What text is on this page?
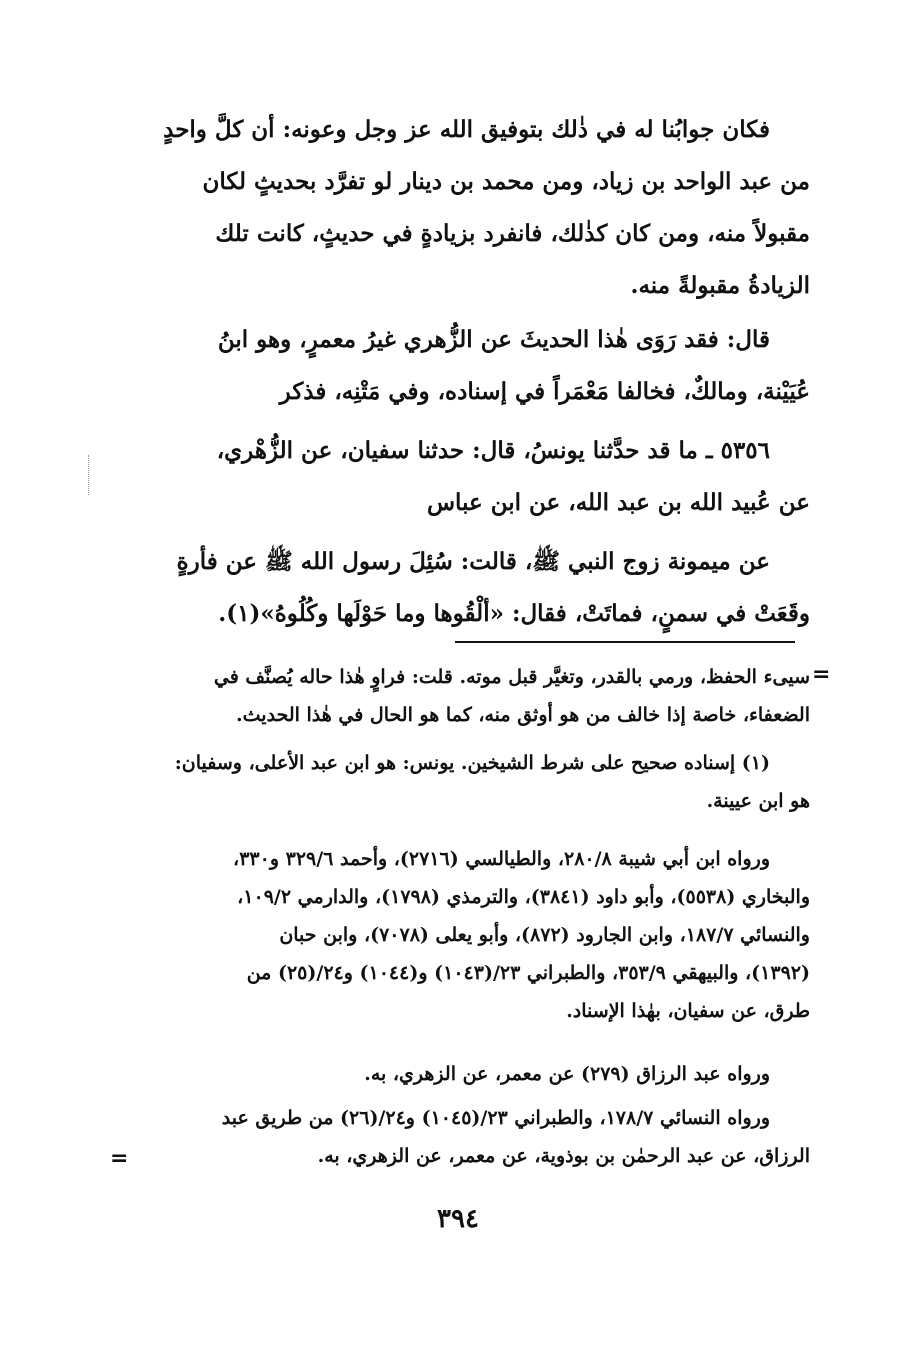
فكان جوابُنا له في ذٰلك بتوفيق الله عز وجل وعونه: أن كلَّ واحدٍ
من عبد الواحد بن زياد، ومن محمد بن دينار لو تفرَّد بحديثٍ لكان
مقبولاً منه، ومن كان كذٰلك، فانفرد بزيادةٍ في حديثٍ، كانت تلك
الزيادةُ مقبولةً منه.
قال: فقد رَوَى هٰذا الحديثَ عن الزُّهري غيرُ معمرٍ، وهو ابنُ
عُيَيْنة، ومالكٌ، فخالفا مَعْمَراً في إسناده، وفي مَتْنِه، فذكر
٥٣٥٦ ـ ما قد حدَّثنا يونسُ، قال: حدثنا سفيان، عن الزُّهْري،
عن عُبيد الله بن عبد الله، عن ابن عباس
عن ميمونة زوج النبي ﷺ، قالت: سُئِلَ رسول الله ﷺ عن فأرةٍ
وقَعَتْ في سمنٍ، فماتَتْ، فقال: «ألْقُوها وما حَوْلَها وكُلُوهُ»(١).
=
سيىء الحفظ، ورمي بالقدر، وتغيَّر قبل موته. قلت: فراوٍ هٰذا حاله يُصنَّف في
الضعفاء، خاصة إذا خالف من هو أوثق منه، كما هو الحال في هٰذا الحديث.
(١) إسناده صحيح على شرط الشيخين. يونس: هو ابن عبد الأعلى، وسفيان:
هو ابن عيينة.
ورواه ابن أبي شيبة ٢٨٠/٨، والطيالسي (٢٧١٦)، وأحمد ٣٢٩/٦ و٣٣٠،
والبخاري (٥٥٣٨)، وأبو داود (٣٨٤١)، والترمذي (١٧٩٨)، والدارمي ١٠٩/٢،
والنسائي ١٨٧/٧، وابن الجارود (٨٧٢)، وأبو يعلى (٧٠٧٨)، وابن حبان
(١٣٩٢)، والبيهقي ٣٥٣/٩، والطبراني ٢٣/(١٠٤٣) و(١٠٤٤) و٢٤/(٢٥) من
طرق، عن سفيان، بهٰذا الإسناد.
ورواه عبد الرزاق (٢٧٩) عن معمر، عن الزهري، به.
ورواه النسائي ١٧٨/٧، والطبراني ٢٣/(١٠٤٥) و٢٤/(٢٦) من طريق عبد
الرزاق، عن عبد الرحمٰن بن بوذوية، عن معمر، عن الزهري، به.
=
٣٩٤
